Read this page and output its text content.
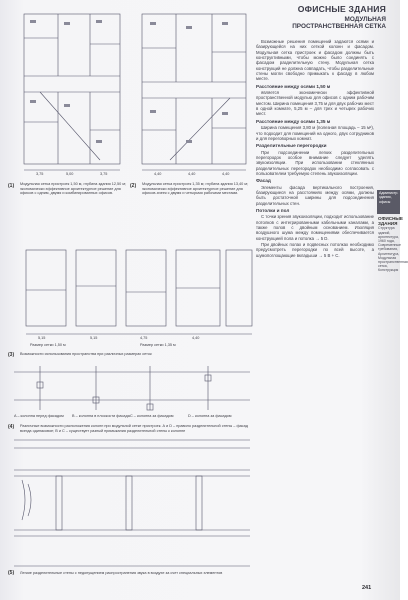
ОФИСНЫЕ ЗДАНИЯ
МОДУЛЬНАЯ
ПРОСТРАНСТВЕННАЯ СЕТКА

Возможные решения помещений задаются осями и базирующейся на них сеткой колонн и фасадом. Модульная сетка пристроек и фасадом должны быть конструктивными, чтобы можно было соединять с фасадом разделительную стену. Модульная сетка конструкций не должна совпадать, чтобы разделительные стены могли свободно примыкать к фасаду в любом месте.

Расстояние между осями 1,50 м

является экономически эффективной пространственной модулью для офисов с одним рабочим местом. Ширина помещения 3,75 м для двух рабочих мест в одной комнате, 5,25 м – для трех и четырех рабочих мест.

Расстояние между осями 1,35 м

Ширина помещения 3,80 м (полезная площадь – 15 м²), что подходит для помещений на одного, двух сотрудников и для переговорных комнат.

Разделительные перегородки

При подсоединении легких разделительных перегородок особое внимание следует уделять звукоизоляции. При использовании стеклянных разделительных перегородок необходимо согласовать с пользователем требуемую степень звукоизоляции.

Фасад

Элементы фасада вертикального построения, базирующиеся на расстояниях между осями, должны быть достаточной ширины для подсоединения разделительных стен.

Потолки и пол

С точки зрения звукоизоляции, подходит использование потолков с интегрированными кабельными каналами, а также полов с двойным основанием. Изоляция воздушного шума между помещениями обеспечивается конструкцией пола и потолка → 5 D.

При двойных полах и подвесных потолках необходимо предусмотреть перегородки по всей высоте, а шумопоглощающие вкладыши → 5 B + C.

3,75	5,00	3,75	4,40	4,40	4,40
5,15	5,15	4,75	4,40
Размер сетки 1,50 м	Размер сетки 1,35 м
(1) Модульная сетка пристроек 1,50 м, глубина здания 12,50 м; экономически эффективное архитектурное решение для офисов с одним, двумя и комбинированных офисов.
(2) Модульная сетка пристроек 1,35 м; глубина здания 13,40 м; экономически эффективное архитектурное решение для офисов-ячеек с двумя и четырьмя рабочими местами.
(3) Возможности использования пространства при различных размерах сеток
A – колонна перед фасадом B – колонна в плоскости фасада C – колонна за фасадом	D – колонна за фасадом
(4) Различные возможности расположения колонн при модульной сетке пристроек. А и D – правило разделительной стены – фасад всегда одинаковое; B и C – существует разный примыкания разделительной стены к колонне
(5) Легкие разделительные стены с недопущением распространения звука в воздухе за счет специальных элементов
Администр. здания, офисы
ОФИСНЫЕ ЗДАНИЯ
Структура зданий, архитектура, 1960 года, Современные требования, Архитектура, Модульная пространственная сетка, Конструкция
241
